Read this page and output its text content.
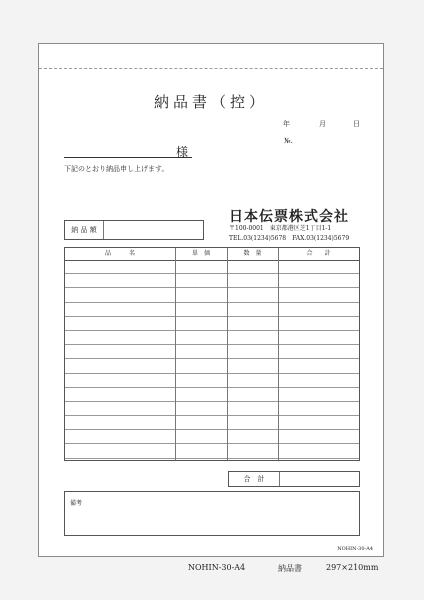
納品書（控）
年	月	日
№.
様
下記のとおり納品申し上げます。
納 品 額
日本伝票株式会社
〒100-0001　東京都港区芝1丁目1-1
TEL.03(1234)5678　FAX.03(1234)5679
品　　　名	単　価	数　量	合　　計
合　計
備考
NOHIN-30-A4
NOHIN-30-A4	納品書	297×210mm
